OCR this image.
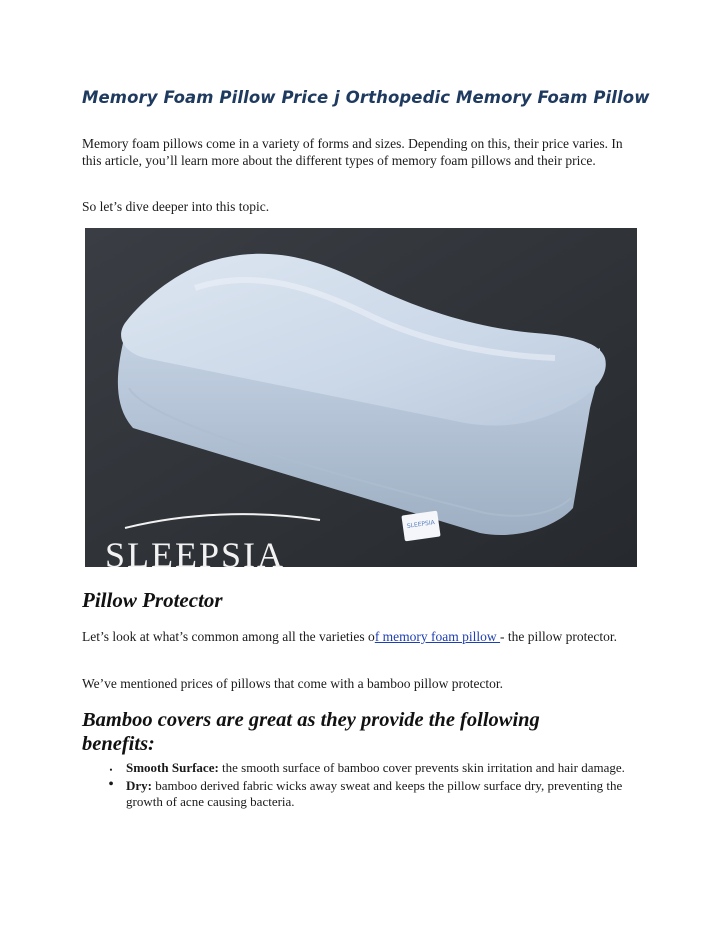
Memory Foam Pillow Price j Orthopedic Memory Foam Pillow

Memory foam pillows come in a variety of forms and sizes. Depending on this, their price varies. In this article, you’ll learn more about the different types of memory foam pillows and their price.

So let’s dive deeper into this topic.

SLEEPSIA
SLEEPSIA
Pillow Protector

Let’s look at what’s common among all the varieties of memory foam pillow - the pillow protector.

We’ve mentioned prices of pillows that come with a bamboo pillow protector.

Bamboo covers are great as they provide the following benefits:
•	Smooth Surface: the smooth surface of bamboo cover prevents skin irritation and hair damage.
• Dry: bamboo derived fabric wicks away sweat and keeps the pillow surface dry, preventing the growth of acne causing bacteria.
